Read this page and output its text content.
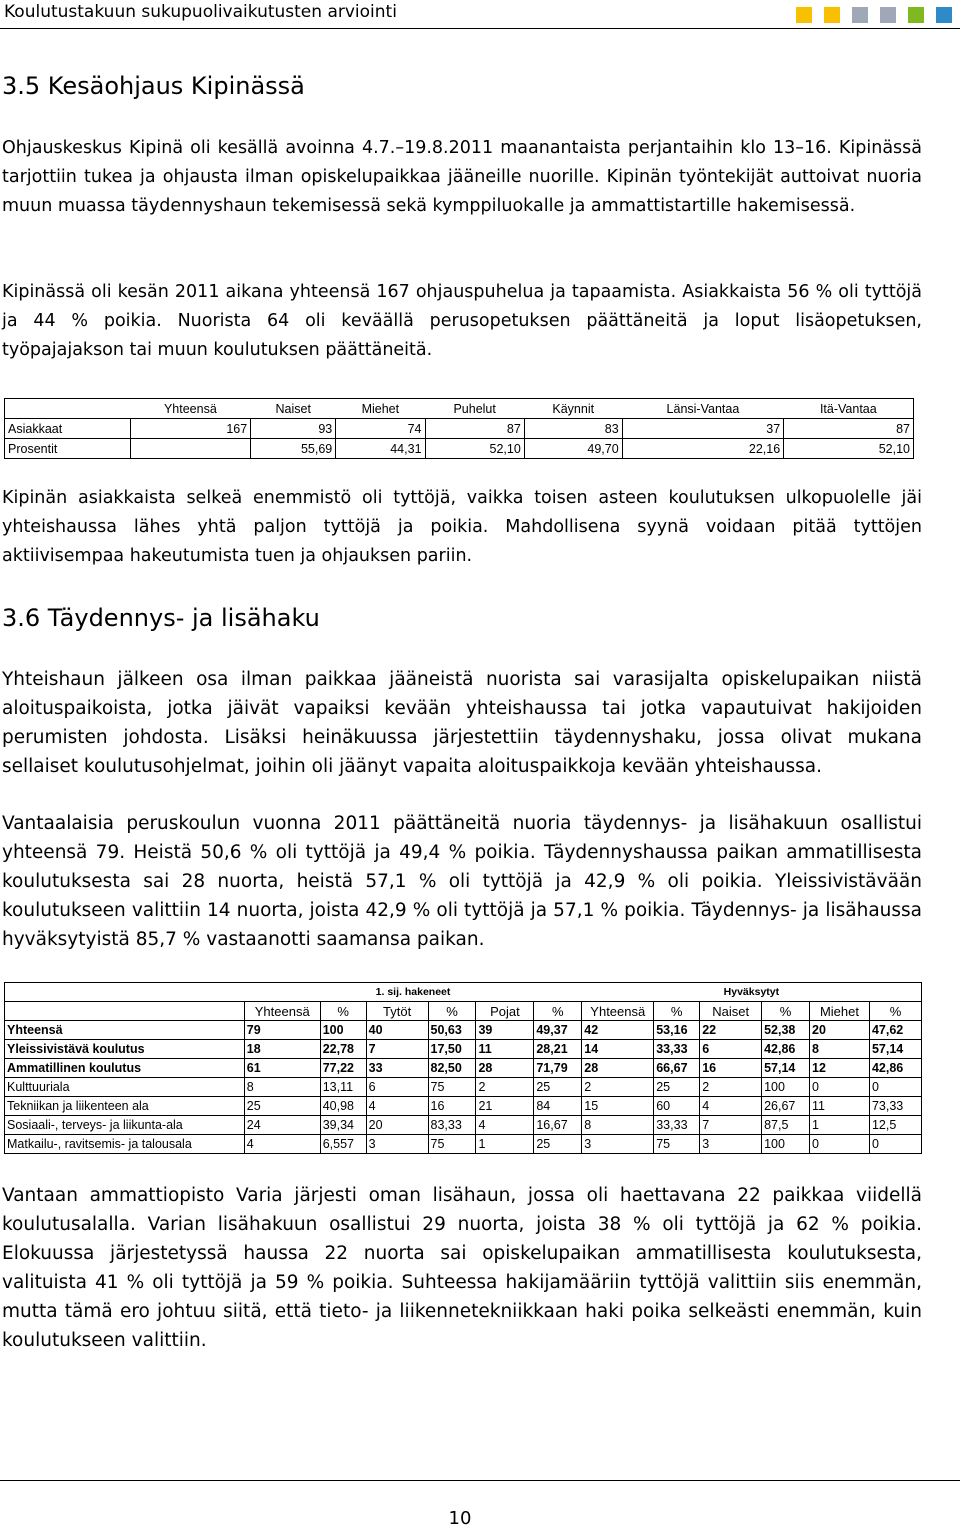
Koulutustakuun sukupuolivaikutusten arviointi
3.5 Kesäohjaus Kipinässä

Ohjauskeskus Kipinä oli kesällä avoinna 4.7.–19.8.2011 maanantaista perjantaihin klo 13–16. Kipinässä tarjottiin tukea ja ohjausta ilman opiskelupaikkaa jääneille nuorille. Kipinän työntekijät auttoivat nuoria muun muassa täydennyshaun tekemisessä sekä kymppiluokalle ja ammattistartille hakemisessä.

Kipinässä oli kesän 2011 aikana yhteensä 167 ohjauspuhelua ja tapaamista. Asiakkaista 56 % oli tyttöjä ja 44 % poikia. Nuorista 64 oli keväällä perusopetuksen päättäneitä ja loput lisäopetuksen, työpajajakson tai muun koulutuksen päättäneitä.

	Yhteensä	Naiset	Miehet	Puhelut	Käynnit	Länsi-Vantaa	Itä-Vantaa
Asiakkaat	167	93	74	87	83	37	87
Prosentit		55,69	44,31	52,10	49,70	22,16	52,10

Kipinän asiakkaista selkeä enemmistö oli tyttöjä, vaikka toisen asteen koulutuksen ulkopuolelle jäi yhteishaussa lähes yhtä paljon tyttöjä ja poikia. Mahdollisena syynä voidaan pitää tyttöjen aktiivisempaa hakeutumista tuen ja ohjauksen pariin.

3.6 Täydennys- ja lisähaku

Yhteishaun jälkeen osa ilman paikkaa jääneistä nuorista sai varasijalta opiskelupaikan niistä aloituspaikoista, jotka jäivät vapaiksi kevään yhteishaussa tai jotka vapautuivat hakijoiden perumisten johdosta. Lisäksi heinäkuussa järjestettiin täydennyshaku, jossa olivat mukana sellaiset koulutusohjelmat, joihin oli jäänyt vapaita aloituspaikkoja kevään yhteishaussa.

Vantaalaisia peruskoulun vuonna 2011 päättäneitä nuoria täydennys- ja lisähakuun osallistui yhteensä 79. Heistä 50,6 % oli tyttöjä ja 49,4 % poikia. Täydennyshaussa paikan ammatillisesta koulutuksesta sai 28 nuorta, heistä 57,1 % oli tyttöjä ja 42,9 % oli poikia. Yleissivistävään koulutukseen valittiin 14 nuorta, joista 42,9 % oli tyttöjä ja 57,1 % poikia. Täydennys- ja lisähaussa hyväksytyistä 85,7 % vastaanotti saamansa paikan.

	1. sij. hakeneet						Hyväksytyt					
	Yhteensä	%	Tytöt	%	Pojat	%	Yhteensä	%	Naiset	%	Miehet	%
Yhteensä	79	100	40	50,63	39	49,37	42	53,16	22	52,38	20	47,62
Yleissivistävä koulutus	18	22,78	7	17,50	11	28,21	14	33,33	6	42,86	8	57,14
Ammatillinen koulutus	61	77,22	33	82,50	28	71,79	28	66,67	16	57,14	12	42,86
Kulttuuriala	8	13,11	6	75	2	25	2	25	2	100	0	0
Tekniikan ja liikenteen ala	25	40,98	4	16	21	84	15	60	4	26,67	11	73,33
Sosiaali-, terveys- ja liikunta-ala	24	39,34	20	83,33	4	16,67	8	33,33	7	87,5	1	12,5
Matkailu-, ravitsemis- ja talousala	4	6,557	3	75	1	25	3	75	3	100	0	0

Vantaan ammattiopisto Varia järjesti oman lisähaun, jossa oli haettavana 22 paikkaa viidellä koulutusalalla. Varian lisähakuun osallistui 29 nuorta, joista 38 % oli tyttöjä ja 62 % poikia. Elokuussa järjestetyssä haussa 22 nuorta sai opiskelupaikan ammatillisesta koulutuksesta, valituista 41 % oli tyttöjä ja 59 % poikia. Suhteessa hakijamääriin tyttöjä valittiin siis enemmän, mutta tämä ero johtuu siitä, että tieto- ja liikennetekniikkaan haki poika selkeästi enemmän, kuin koulutukseen valittiin.

10
